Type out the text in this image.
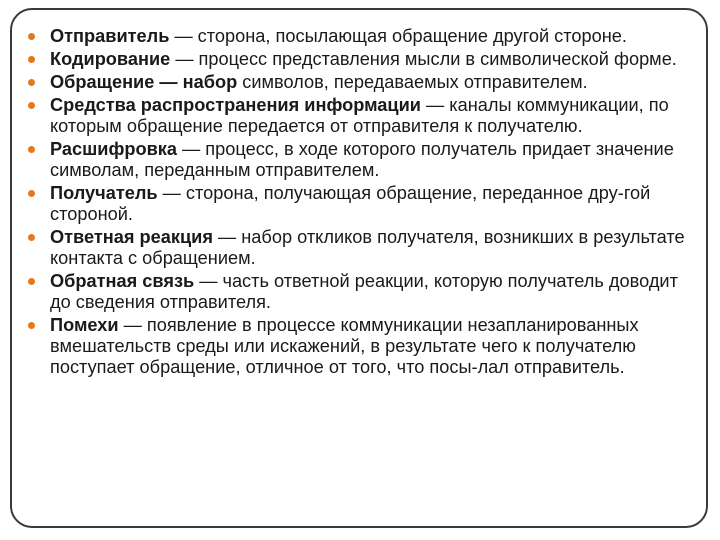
Отправитель — сторона, посылающая обращение другой стороне.
Кодирование — процесс представления мысли в символической форме.
Обращение — набор символов, передаваемых отправителем.
Средства распространения информации — каналы коммуникации, по которым обращение передается от отправителя к получателю.
Расшифровка — процесс, в ходе которого получатель придает значение символам, переданным отправителем.
Получатель — сторона, получающая обращение, переданное дру-гой стороной.
Ответная реакция — набор откликов получателя, возникших в результате контакта с обращением.
Обратная связь — часть ответной реакции, которую получатель доводит до сведения отправителя.
Помехи — появление в процессе коммуникации незапланированных вмешательств среды или искажений, в результате чего к получателю поступает обращение, отличное от того, что посы-лал отправитель.
